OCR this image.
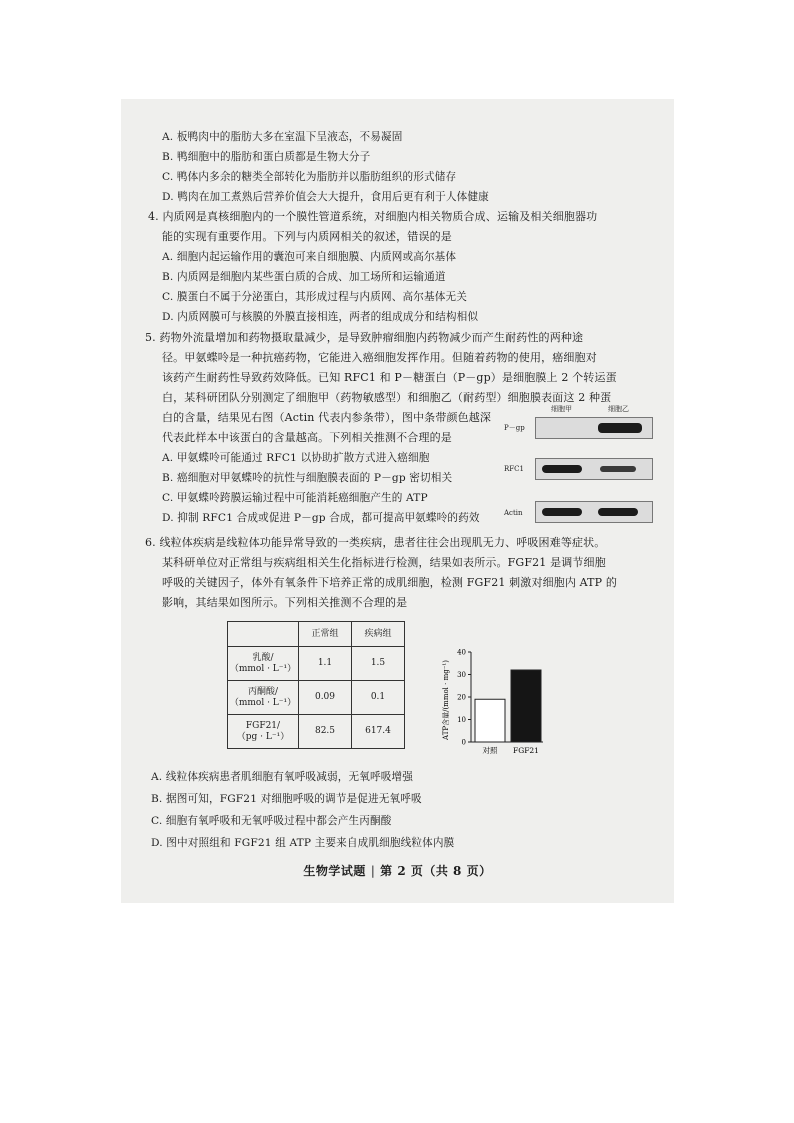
A. 板鸭肉中的脂肪大多在室温下呈液态，不易凝固
B. 鸭细胞中的脂肪和蛋白质都是生物大分子
C. 鸭体内多余的糖类全部转化为脂肪并以脂肪组织的形式储存
D. 鸭肉在加工煮熟后营养价值会大大提升，食用后更有利于人体健康
4. 内质网是真核细胞内的一个膜性管道系统，对细胞内相关物质合成、运输及相关细胞器功
能的实现有重要作用。下列与内质网相关的叙述，错误的是
A. 细胞内起运输作用的囊泡可来自细胞膜、内质网或高尔基体
B. 内质网是细胞内某些蛋白质的合成、加工场所和运输通道
C. 膜蛋白不属于分泌蛋白，其形成过程与内质网、高尔基体无关
D. 内质网膜可与核膜的外膜直接相连，两者的组成成分和结构相似
5. 药物外流量增加和药物摄取量减少，是导致肿瘤细胞内药物减少而产生耐药性的两种途
径。甲氨蝶呤是一种抗癌药物，它能进入癌细胞发挥作用。但随着药物的使用，癌细胞对
该药产生耐药性导致药效降低。已知 RFC1 和 P－糖蛋白（P－gp）是细胞膜上 2 个转运蛋
白，某科研团队分别测定了细胞甲（药物敏感型）和细胞乙（耐药型）细胞膜表面这 2 种蛋
白的含量，结果见右图（Actin 代表内参条带），图中条带颜色越深
代表此样本中该蛋白的含量越高。下列相关推测不合理的是
A. 甲氨蝶呤可能通过 RFC1 以协助扩散方式进入癌细胞
B. 癌细胞对甲氨蝶呤的抗性与细胞膜表面的 P－gp 密切相关
C. 甲氨蝶呤跨膜运输过程中可能消耗癌细胞产生的 ATP
D. 抑制 RFC1 合成或促进 P－gp 合成，都可提高甲氨蝶呤的药效
细胞甲	细胞乙
P－gp
RFC1
Actin
6. 线粒体疾病是线粒体功能异常导致的一类疾病，患者往往会出现肌无力、呼吸困难等症状。
某科研单位对正常组与疾病组相关生化指标进行检测，结果如表所示。FGF21 是调节细胞
呼吸的关键因子，体外有氧条件下培养正常的成肌细胞，检测 FGF21 刺激对细胞内 ATP 的
影响，其结果如图所示。下列相关推测不合理的是
	正常组	疾病组

乳酸/
（mmol · L⁻¹）	1.1	1.5

丙酮酸/
（mmol · L⁻¹）	0.09	0.1

FGF21/
（pg · L⁻¹）	82.5	617.4	ATP含量/(mmol · mg⁻¹)
0
10
20
30
40
对照 FGF21
A. 线粒体疾病患者肌细胞有氧呼吸减弱，无氧呼吸增强
B. 据图可知，FGF21 对细胞呼吸的调节是促进无氧呼吸
C. 细胞有氧呼吸和无氧呼吸过程中都会产生丙酮酸
D. 图中对照组和 FGF21 组 ATP 主要来自成肌细胞线粒体内膜
生物学试题 | 第 2 页（共 8 页）
